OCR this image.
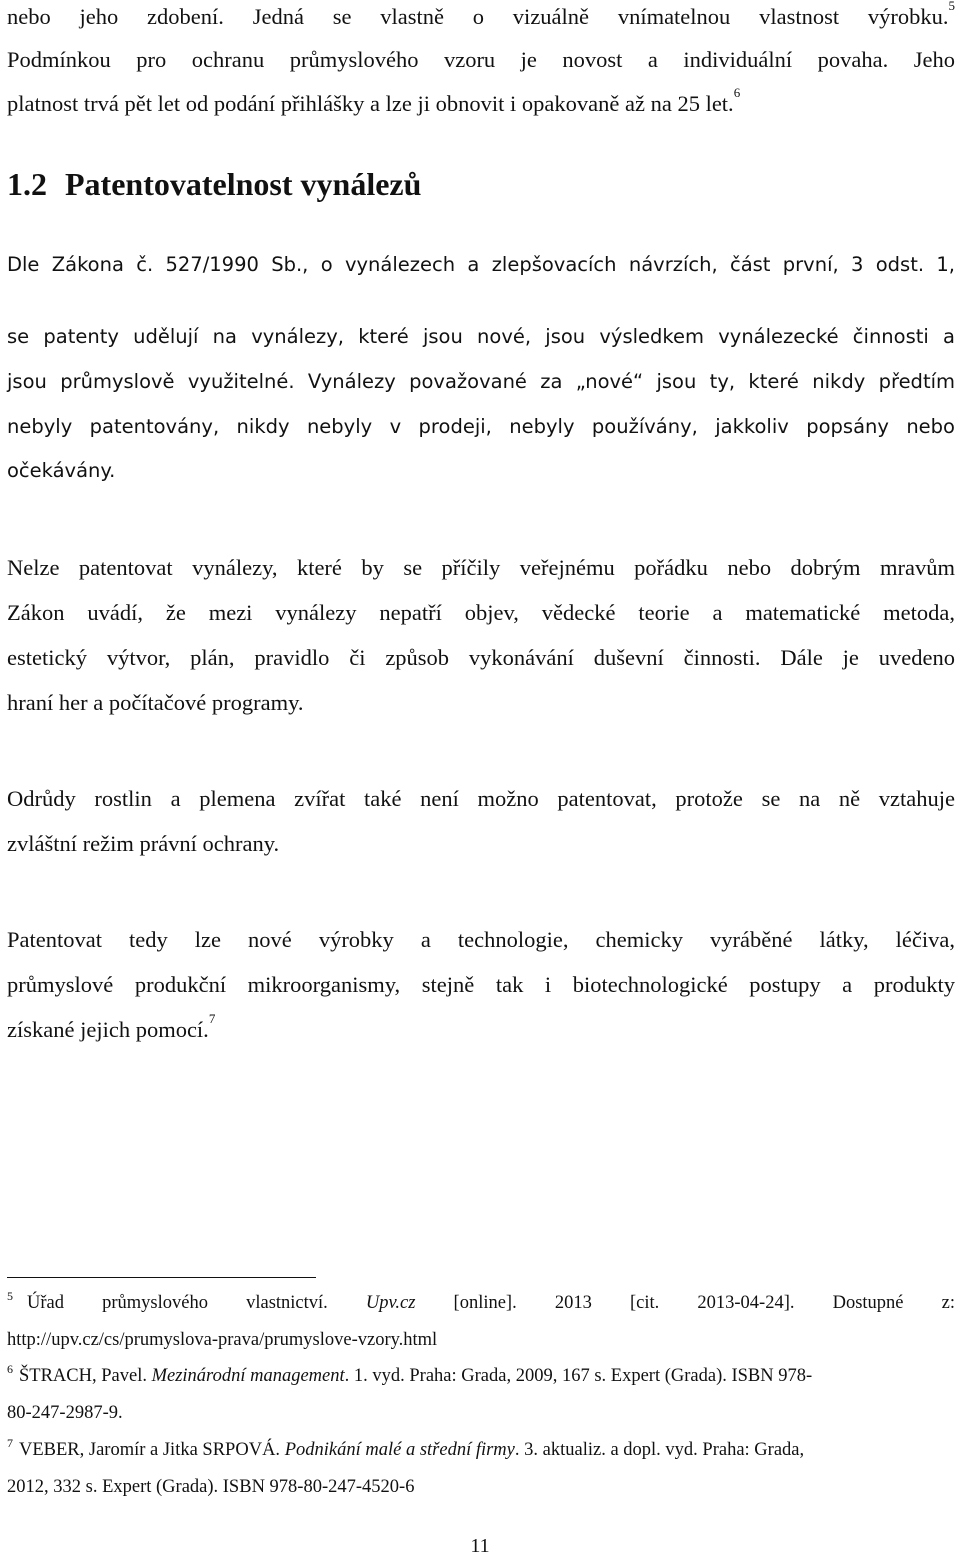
nebo jeho zdobení. Jedná se vlastně o vizuálně vnímatelnou vlastnost výrobku.$^5$
Podmínkou pro ochranu průmyslového vzoru je novost a individuální povaha. Jeho
platnost trvá pět let od podání přihlášky a lze ji obnovit i opakovaně až na 25 let.$^6$
1.2 Patentovatelnost vynálezů
Dle Zákona č. 527/1990 Sb., o vynálezech a zlepšovacích návrzích, část první, 3 odst. 1,
se patenty udělují na vynálezy, které jsou nové, jsou výsledkem vynálezecké činnosti a
jsou průmyslově využitelné. Vynálezy považované za „nové“ jsou ty, které nikdy předtím
nebyly patentovány, nikdy nebyly v prodeji, nebyly používány, jakkoliv popsány nebo
očekávány.
Nelze patentovat vynálezy, které by se příčily veřejnému pořádku nebo dobrým mravům
Zákon uvádí, že mezi vynálezy nepatří objev, vědecké teorie a matematické metoda,
estetický výtvor, plán, pravidlo či způsob vykonávání duševní činnosti. Dále je uvedeno
hraní her a počítačové programy.
Odrůdy rostlin a plemena zvířat také není možno patentovat, protože se na ně vztahuje
zvláštní režim právní ochrany.
Patentovat tedy lze nové výrobky a technologie, chemicky vyráběné látky, léčiva,
průmyslové produkční mikroorganismy, stejně tak i biotechnologické postupy a produkty
získané jejich pomocí.$^7$
$^5$ Úřad průmyslového vlastnictví. Upv.cz [online]. 2013 [cit. 2013-04-24]. Dostupné z:
http://upv.cz/cs/prumyslova-prava/prumyslove-vzory.html
$^6$ ŠTRACH, Pavel. Mezinárodní management. 1. vyd. Praha: Grada, 2009, 167 s. Expert (Grada). ISBN 978-
80-247-2987-9.
$^7$ VEBER, Jaromír a Jitka SRPOVÁ. Podnikání malé a střední firmy. 3. aktualiz. a dopl. vyd. Praha: Grada,
2012, 332 s. Expert (Grada). ISBN 978-80-247-4520-6
11
